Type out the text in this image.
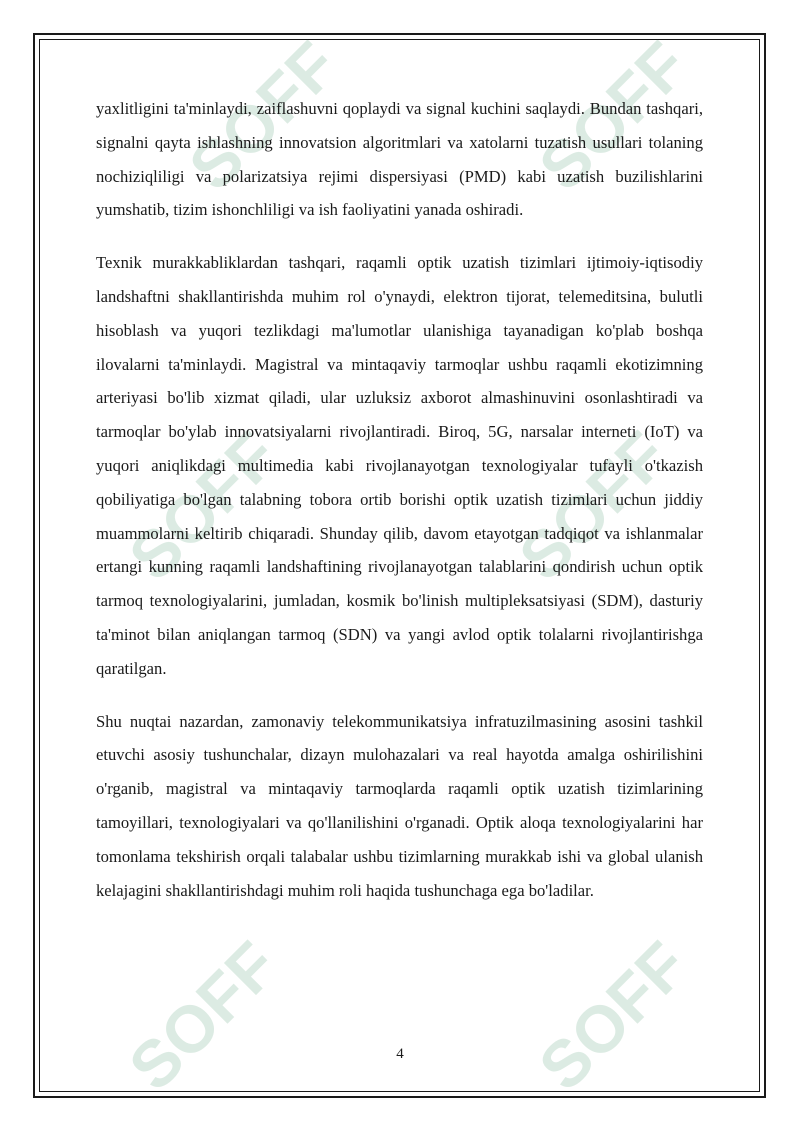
SOFF	SOFF
SOFF	SOFF
SOFF	SOFF

yaxlitligini ta'minlaydi, zaiflashuvni qoplaydi va signal kuchini saqlaydi. Bundan tashqari, signalni qayta ishlashning innovatsion algoritmlari va xatolarni tuzatish usullari tolaning nochiziqliligi va polarizatsiya rejimi dispersiyasi (PMD) kabi uzatish buzilishlarini yumshatib, tizim ishonchliligi va ish faoliyatini yanada oshiradi.

Texnik murakkabliklardan tashqari, raqamli optik uzatish tizimlari ijtimoiy-iqtisodiy landshaftni shakllantirishda muhim rol o'ynaydi, elektron tijorat, telemeditsina, bulutli hisoblash va yuqori tezlikdagi ma'lumotlar ulanishiga tayanadigan ko'plab boshqa ilovalarni ta'minlaydi. Magistral va mintaqaviy tarmoqlar ushbu raqamli ekotizimning arteriyasi bo'lib xizmat qiladi, ular uzluksiz axborot almashinuvini osonlashtiradi va tarmoqlar bo'ylab innovatsiyalarni rivojlantiradi. Biroq, 5G, narsalar interneti (IoT) va yuqori aniqlikdagi multimedia kabi rivojlanayotgan texnologiyalar tufayli o'tkazish qobiliyatiga bo'lgan talabning tobora ortib borishi optik uzatish tizimlari uchun jiddiy muammolarni keltirib chiqaradi. Shunday qilib, davom etayotgan tadqiqot va ishlanmalar ertangi kunning raqamli landshaftining rivojlanayotgan talablarini qondirish uchun optik tarmoq texnologiyalarini, jumladan, kosmik bo'linish multipleksatsiyasi (SDM), dasturiy ta'minot bilan aniqlangan tarmoq (SDN) va yangi avlod optik tolalarni rivojlantirishga qaratilgan.

Shu nuqtai nazardan, zamonaviy telekommunikatsiya infratuzilmasining asosini tashkil etuvchi asosiy tushunchalar, dizayn mulohazalari va real hayotda amalga oshirilishini o'rganib, magistral va mintaqaviy tarmoqlarda raqamli optik uzatish tizimlarining tamoyillari, texnologiyalari va qo'llanilishini o'rganadi. Optik aloqa texnologiyalarini har tomonlama tekshirish orqali talabalar ushbu tizimlarning murakkab ishi va global ulanish kelajagini shakllantirishdagi muhim roli haqida tushunchaga ega bo'ladilar.

4
